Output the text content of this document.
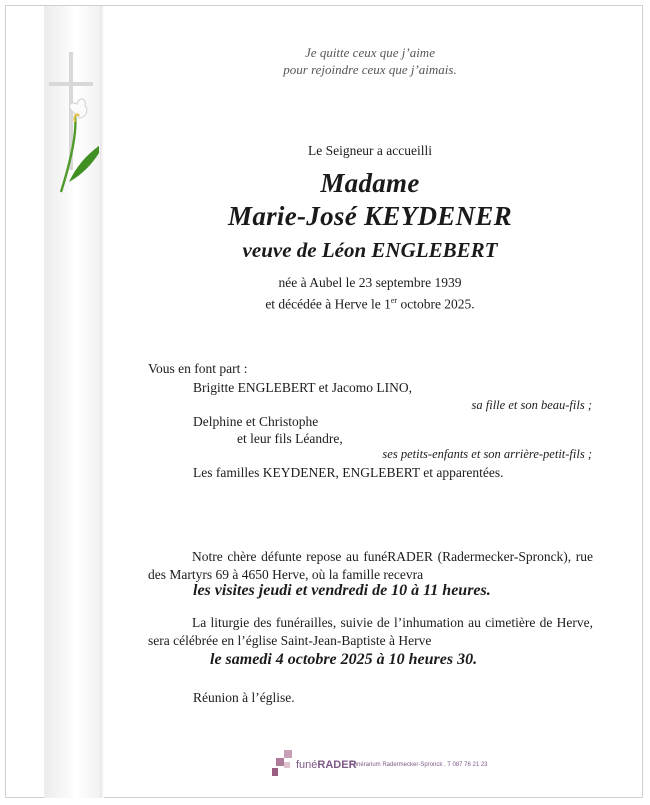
Je quitte ceux que j’aime
pour rejoindre ceux que j’aimais.
Le Seigneur a accueilli
Madame
Marie-José KEYDENER
veuve de Léon ENGLEBERT
née à Aubel le 23 septembre 1939
et décédée à Herve le 1er octobre 2025.
Vous en font part :
Brigitte ENGLEBERT et Jacomo LINO,
sa fille et son beau-fils ;
Delphine et Christophe
et leur fils Léandre,
ses petits-enfants et son arrière-petit-fils ;
Les familles KEYDENER, ENGLEBERT et apparentées.
Notre chère défunte repose au funéRADER (Radermecker-Spronck), rue des Martyrs 69 à 4650 Herve, où la famille recevra
les visites jeudi et vendredi de 10 à 11 heures.
La liturgie des funérailles, suivie de l’inhumation au cimetière de Herve, sera célébrée en l’église Saint-Jean-Baptiste à Herve
le samedi 4 octobre 2025 à 10 heures 30.
Réunion à l’église.
funéRADER
Funérarium Radermecker-Spronck . T 087 76 21 23
